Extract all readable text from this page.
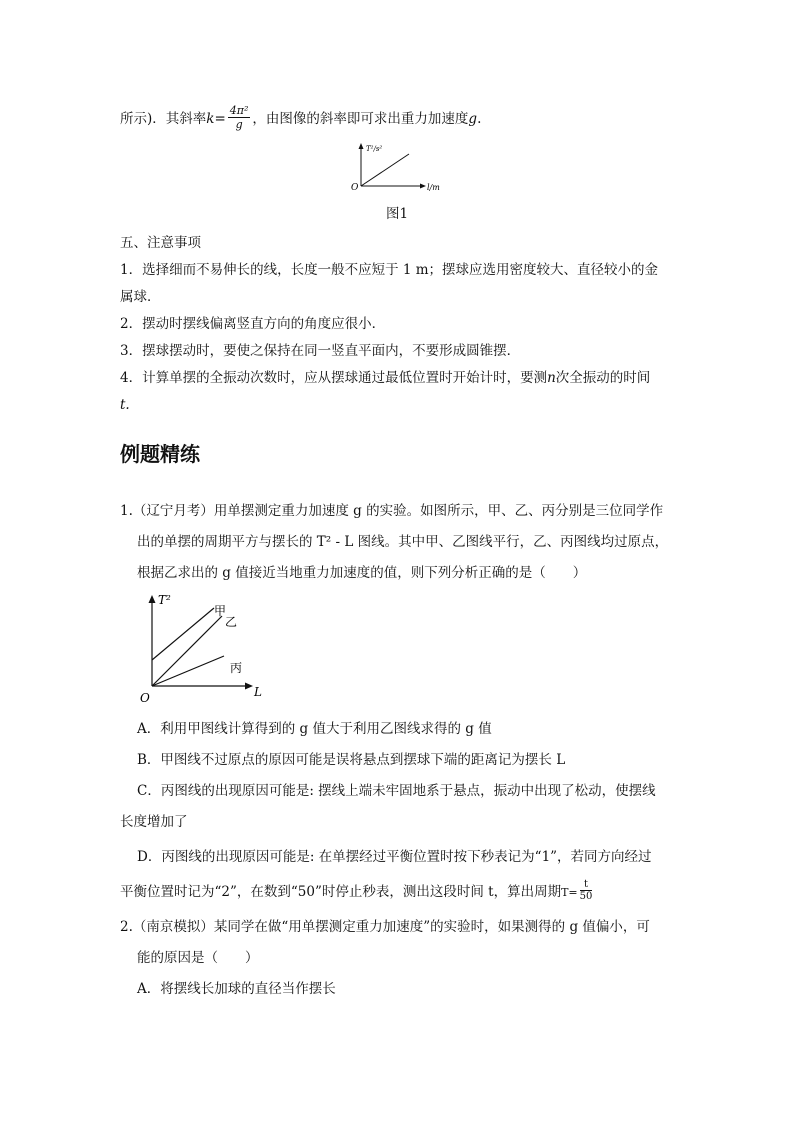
所示)．其斜率$k= \frac{\text{4π²}}{g}$ ，由图像的斜率即可求出重力加速度g.
T²/s²
O	l/m
图1
五、注意事项
1．选择细而不易伸长的线，长度一般不应短于 1 m；摆球应选用密度较大、直径较小的金
属球．
2．摆动时摆线偏离竖直方向的角度应很小．
3．摆球摆动时，要使之保持在同一竖直平面内，不要形成圆锥摆．
4．计算单摆的全振动次数时，应从摆球通过最低位置时开始计时，要测n次全振动的时间
t.
例题精练
1.（辽宁月考）用单摆测定重力加速度 g 的实验。如图所示，甲、乙、丙分别是三位同学作
出的单摆的周期平方与摆长的 T² - L 图线。其中甲、乙图线平行，乙、丙图线均过原点，
根据乙求出的 g 值接近当地重力加速度的值，则下列分析正确的是（　　）
T²
O	L
甲
乙
丙
A．利用甲图线计算得到的 g 值大于利用乙图线求得的 g 值
B．甲图线不过原点的原因可能是误将悬点到摆球下端的距离记为摆长 L
C．丙图线的出现原因可能是: 摆线上端未牢固地系于悬点，振动中出现了松动，使摆线
长度增加了
D．丙图线的出现原因可能是: 在单摆经过平衡位置时按下秒表记为“1”，若同方向经过
平衡位置时记为“2”，在数到“50”时停止秒表，测出这段时间 t，算出周期$T= \frac{t}{50}$
2.（南京模拟）某同学在做“用单摆测定重力加速度”的实验时，如果测得的 g 值偏小，可
能的原因是（　　）
A．将摆线长加球的直径当作摆长
